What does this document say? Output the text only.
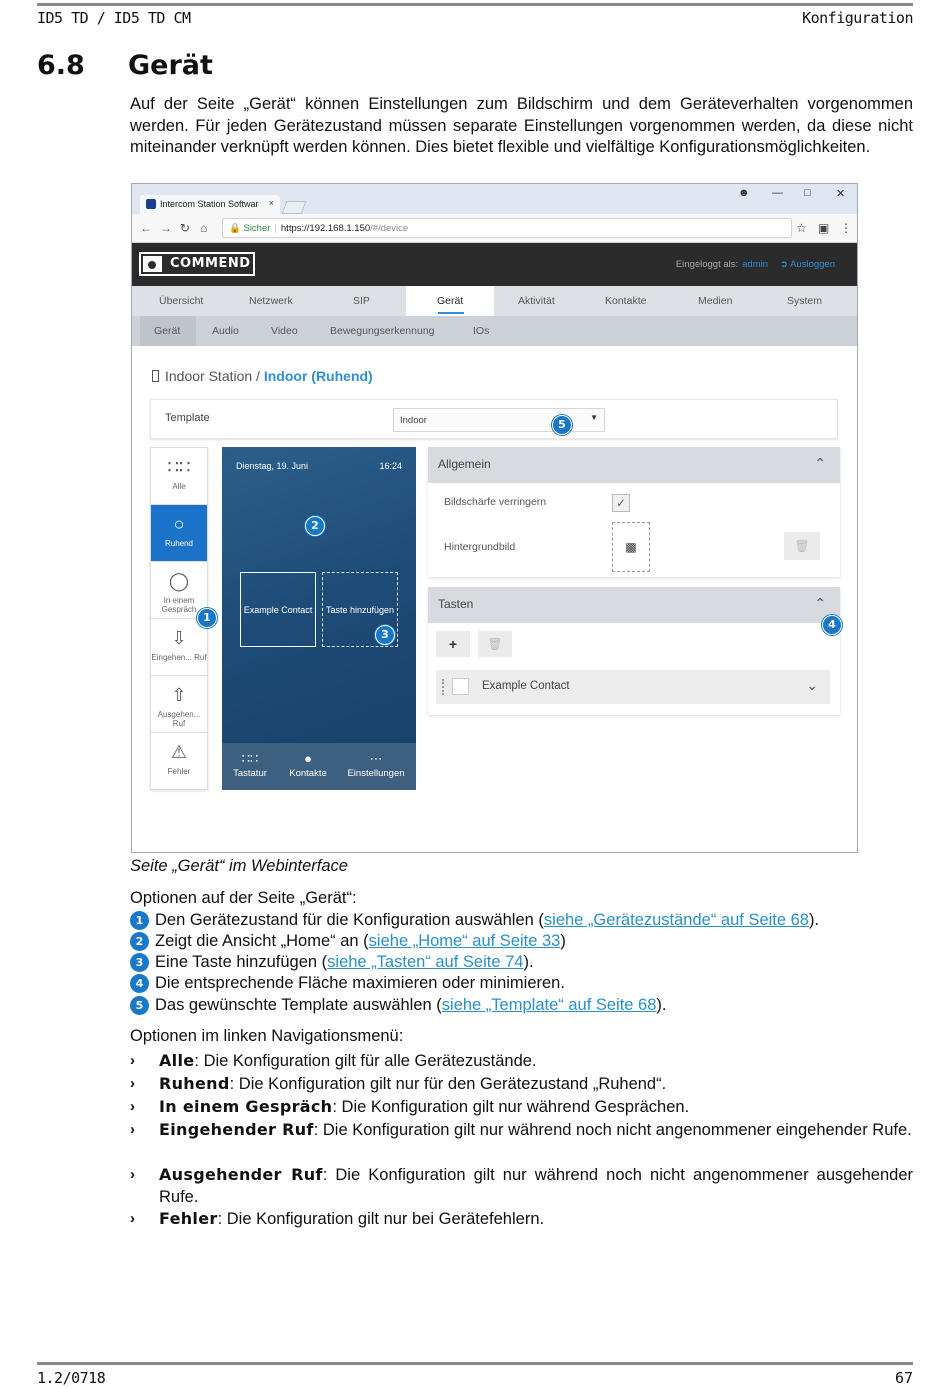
ID5 TD / ID5 TD CM	Konfiguration
6.8 Gerät

Auf der Seite „Gerät“ können Einstellungen zum Bildschirm und dem Geräteverhalten vorgenommen werden. Für jeden Gerätezustand müssen separate Einstellungen vorgenommen werden, da diese nicht miteinander verknüpft werden können. Dies bietet flexible und vielfältige Konfigurationsmöglichkeiten.

Intercom Station Softwar ×
☻ — □ ✕
← → ↻ ⌂	🔒 Sicher | https://192.168.1.150/#/device	☆ ▣ ⋮
COMMEND	Eingeloggt als: admin ➲ Ausloggen
Übersicht	Netzwerk	SIP	Gerät	Aktivität	Kontakte	Medien	System
Gerät	Audio	Video	Bewegungserkennung	IOs
Indoor Station / Indoor (Ruhend)
Template	Indoor	▼
∷∷
Alle
○
Ruhend
◯
In einem Gespräch
⇩
Eingehen... Ruf
⇧
Ausgehen... Ruf
⚠
Fehler
Dienstag, 19. Juni	16:24
Example Contact	Taste hinzufügen
∷∷
Tastatur
●
Kontakte
⋯
Einstellungen
Allgemein	⌃
Bildschärfe verringern	✓
Hintergrundbild	▩	🗑
Tasten	⌃
+	🗑
Example Contact	⌄
1
2
3
4
5
Seite „Gerät“ im Webinterface
Optionen auf der Seite „Gerät“:
1 Den Gerätezustand für die Konfiguration auswählen (siehe „Gerätezustände“ auf Seite 68).
2 Zeigt die Ansicht „Home“ an (siehe „Home“ auf Seite 33)
3 Eine Taste hinzufügen (siehe „Tasten“ auf Seite 74).
4 Die entsprechende Fläche maximieren oder minimieren.
5 Das gewünschte Template auswählen (siehe „Template“ auf Seite 68).
Optionen im linken Navigationsmenü:
› Alle: Die Konfiguration gilt für alle Gerätezustände.
› Ruhend: Die Konfiguration gilt nur für den Gerätezustand „Ruhend“.
› In einem Gespräch: Die Konfiguration gilt nur während Gesprächen.
› Eingehender Ruf: Die Konfiguration gilt nur während noch nicht angenommener eingehender Rufe.
› Ausgehender Ruf: Die Konfiguration gilt nur während noch nicht angenommener ausgehender Rufe.
› Fehler: Die Konfiguration gilt nur bei Gerätefehlern.
1.2/0718	67
